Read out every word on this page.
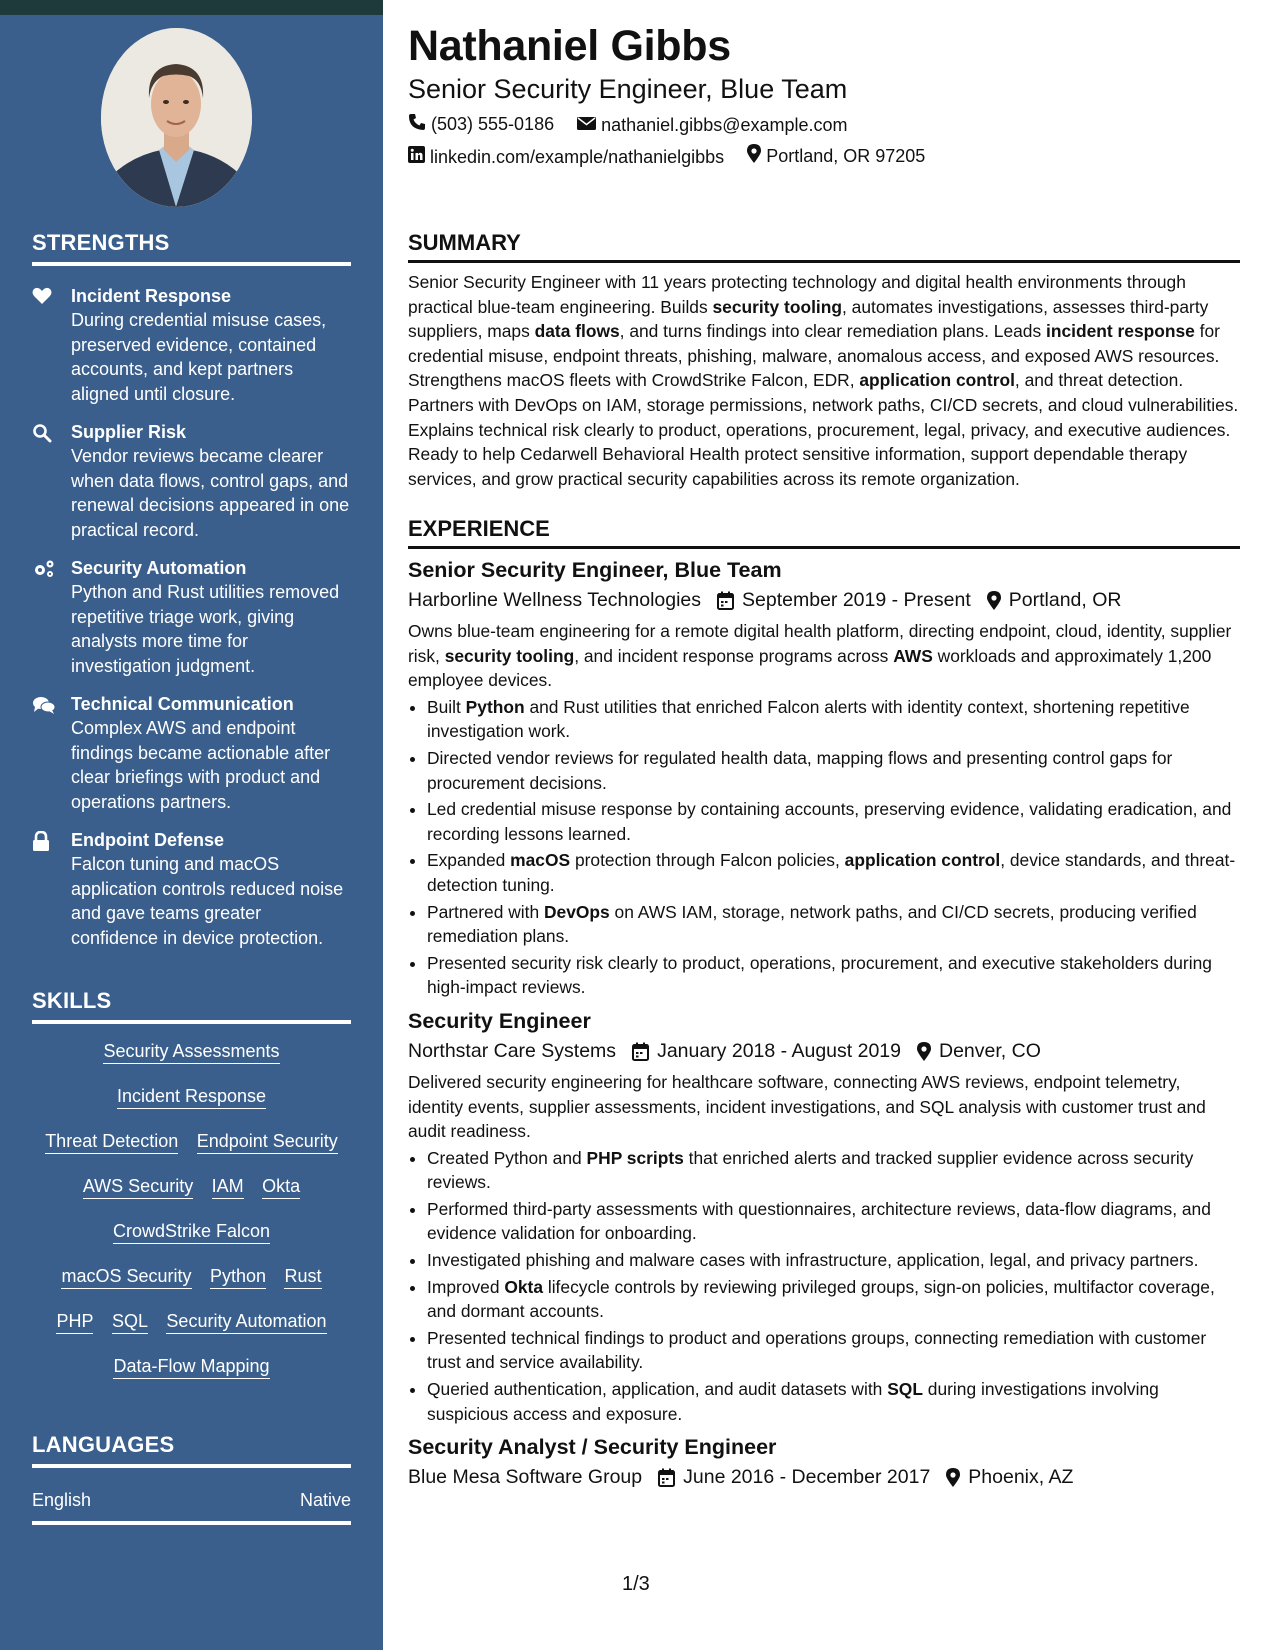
STRENGTHS
Incident Response
During credential misuse cases, preserved evidence, contained accounts, and kept partners aligned until closure.
Supplier Risk
Vendor reviews became clearer when data flows, control gaps, and renewal decisions appeared in one practical record.
Security Automation
Python and Rust utilities removed repetitive triage work, giving analysts more time for investigation judgment.
Technical Communication
Complex AWS and endpoint findings became actionable after clear briefings with product and operations partners.
Endpoint Defense
Falcon tuning and macOS application controls reduced noise and gave teams greater confidence in device protection.
SKILLS
Security Assessments
Incident Response
Threat Detection Endpoint Security
AWS Security IAM Okta
CrowdStrike Falcon
macOS Security Python Rust
PHP SQL Security Automation
Data-Flow Mapping
LANGUAGES
English	Native
Nathaniel Gibbs
Senior Security Engineer, Blue Team
(503) 555-0186
	nathaniel.gibbs@example.com
linkedin.com/example/nathanielgibbs
Portland, OR 97205
SUMMARY
Senior Security Engineer with 11 years protecting technology and digital health environments through practical blue-team engineering. Builds security tooling, automates investigations, assesses third-party suppliers, maps data flows, and turns findings into clear remediation plans. Leads incident response for credential misuse, endpoint threats, phishing, malware, anomalous access, and exposed AWS resources. Strengthens macOS fleets with CrowdStrike Falcon, EDR, application control, and threat detection. Partners with DevOps on IAM, storage permissions, network paths, CI/CD secrets, and cloud vulnerabilities. Explains technical risk clearly to product, operations, procurement, legal, privacy, and executive audiences. Ready to help Cedarwell Behavioral Health protect sensitive information, support dependable therapy services, and grow practical security capabilities across its remote organization.
EXPERIENCE
Senior Security Engineer, Blue Team
Harborline Wellness Technologies September 2019 - Present Portland, OR
Owns blue-team engineering for a remote digital health platform, directing endpoint, cloud, identity, supplier risk, security tooling, and incident response programs across AWS workloads and approximately 1,200 employee devices.
• Built Python and Rust utilities that enriched Falcon alerts with identity context, shortening repetitive investigation work.
• Directed vendor reviews for regulated health data, mapping flows and presenting control gaps for procurement decisions.
• Led credential misuse response by containing accounts, preserving evidence, validating eradication, and recording lessons learned.
• Expanded macOS protection through Falcon policies, application control, device standards, and threat-detection tuning.
• Partnered with DevOps on AWS IAM, storage, network paths, and CI/CD secrets, producing verified remediation plans.
• Presented security risk clearly to product, operations, procurement, and executive stakeholders during high-impact reviews.
Security Engineer
Northstar Care Systems January 2018 - August 2019 Denver, CO
Delivered security engineering for healthcare software, connecting AWS reviews, endpoint telemetry, identity events, supplier assessments, incident investigations, and SQL analysis with customer trust and audit readiness.
• Created Python and PHP scripts that enriched alerts and tracked supplier evidence across security reviews.
• Performed third-party assessments with questionnaires, architecture reviews, data-flow diagrams, and evidence validation for onboarding.
• Investigated phishing and malware cases with infrastructure, application, legal, and privacy partners.
• Improved Okta lifecycle controls by reviewing privileged groups, sign-on policies, multifactor coverage, and dormant accounts.
• Presented technical findings to product and operations groups, connecting remediation with customer trust and service availability.
• Queried authentication, application, and audit datasets with SQL during investigations involving suspicious access and exposure.
Security Analyst / Security Engineer
Blue Mesa Software Group June 2016 - December 2017 Phoenix, AZ
1/3
